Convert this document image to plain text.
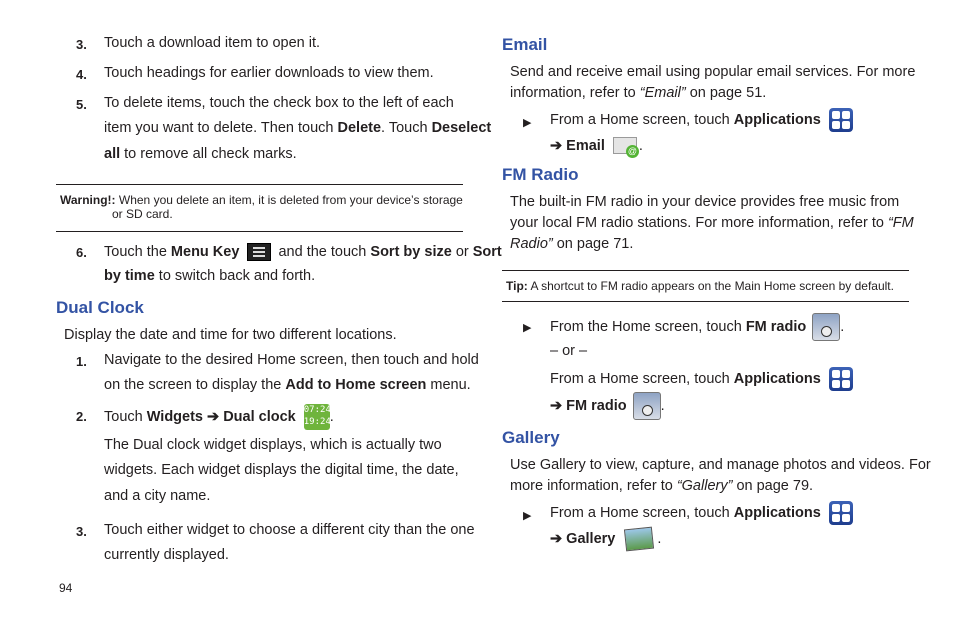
3. Touch a download item to open it.
4. Touch headings for earlier downloads to view them.
5. To delete items, touch the check box to the left of each
item you want to delete. Then touch Delete. Touch Deselect
all to remove all check marks.
Warning!: When you delete an item, it is deleted from your device’s storage
or SD card.
6. Touch the Menu Key	and the touch Sort by size or Sort
by time to switch back and forth.
Dual Clock
Display the date and time for two different locations.
1. Navigate to the desired Home screen, then touch and hold
on the screen to display the Add to Home screen menu.
2. Touch Widgets ➔ Dual clock 07:24
19:24
.
The Dual clock widget displays, which is actually two
widgets. Each widget displays the digital time, the date,
and a city name.
3. Touch either widget to choose a different city than the one
currently displayed.
94
Email
Send and receive email using popular email services. For more
information, refer to “Email” on page 51.
▶ From a Home screen, touch Applications
➔ Email	@ .
FM Radio
The built-in FM radio in your device provides free music from
your local FM radio stations. For more information, refer to “FM
Radio” on page 71.
Tip: A shortcut to FM radio appears on the Main Home screen by default.
▶ From the Home screen, touch FM radio .
– or –
From a Home screen, touch Applications
➔ FM radio .
Gallery
Use Gallery to view, capture, and manage photos and videos. For
more information, refer to “Gallery” on page 79.
▶ From a Home screen, touch Applications
➔ Gallery	.
